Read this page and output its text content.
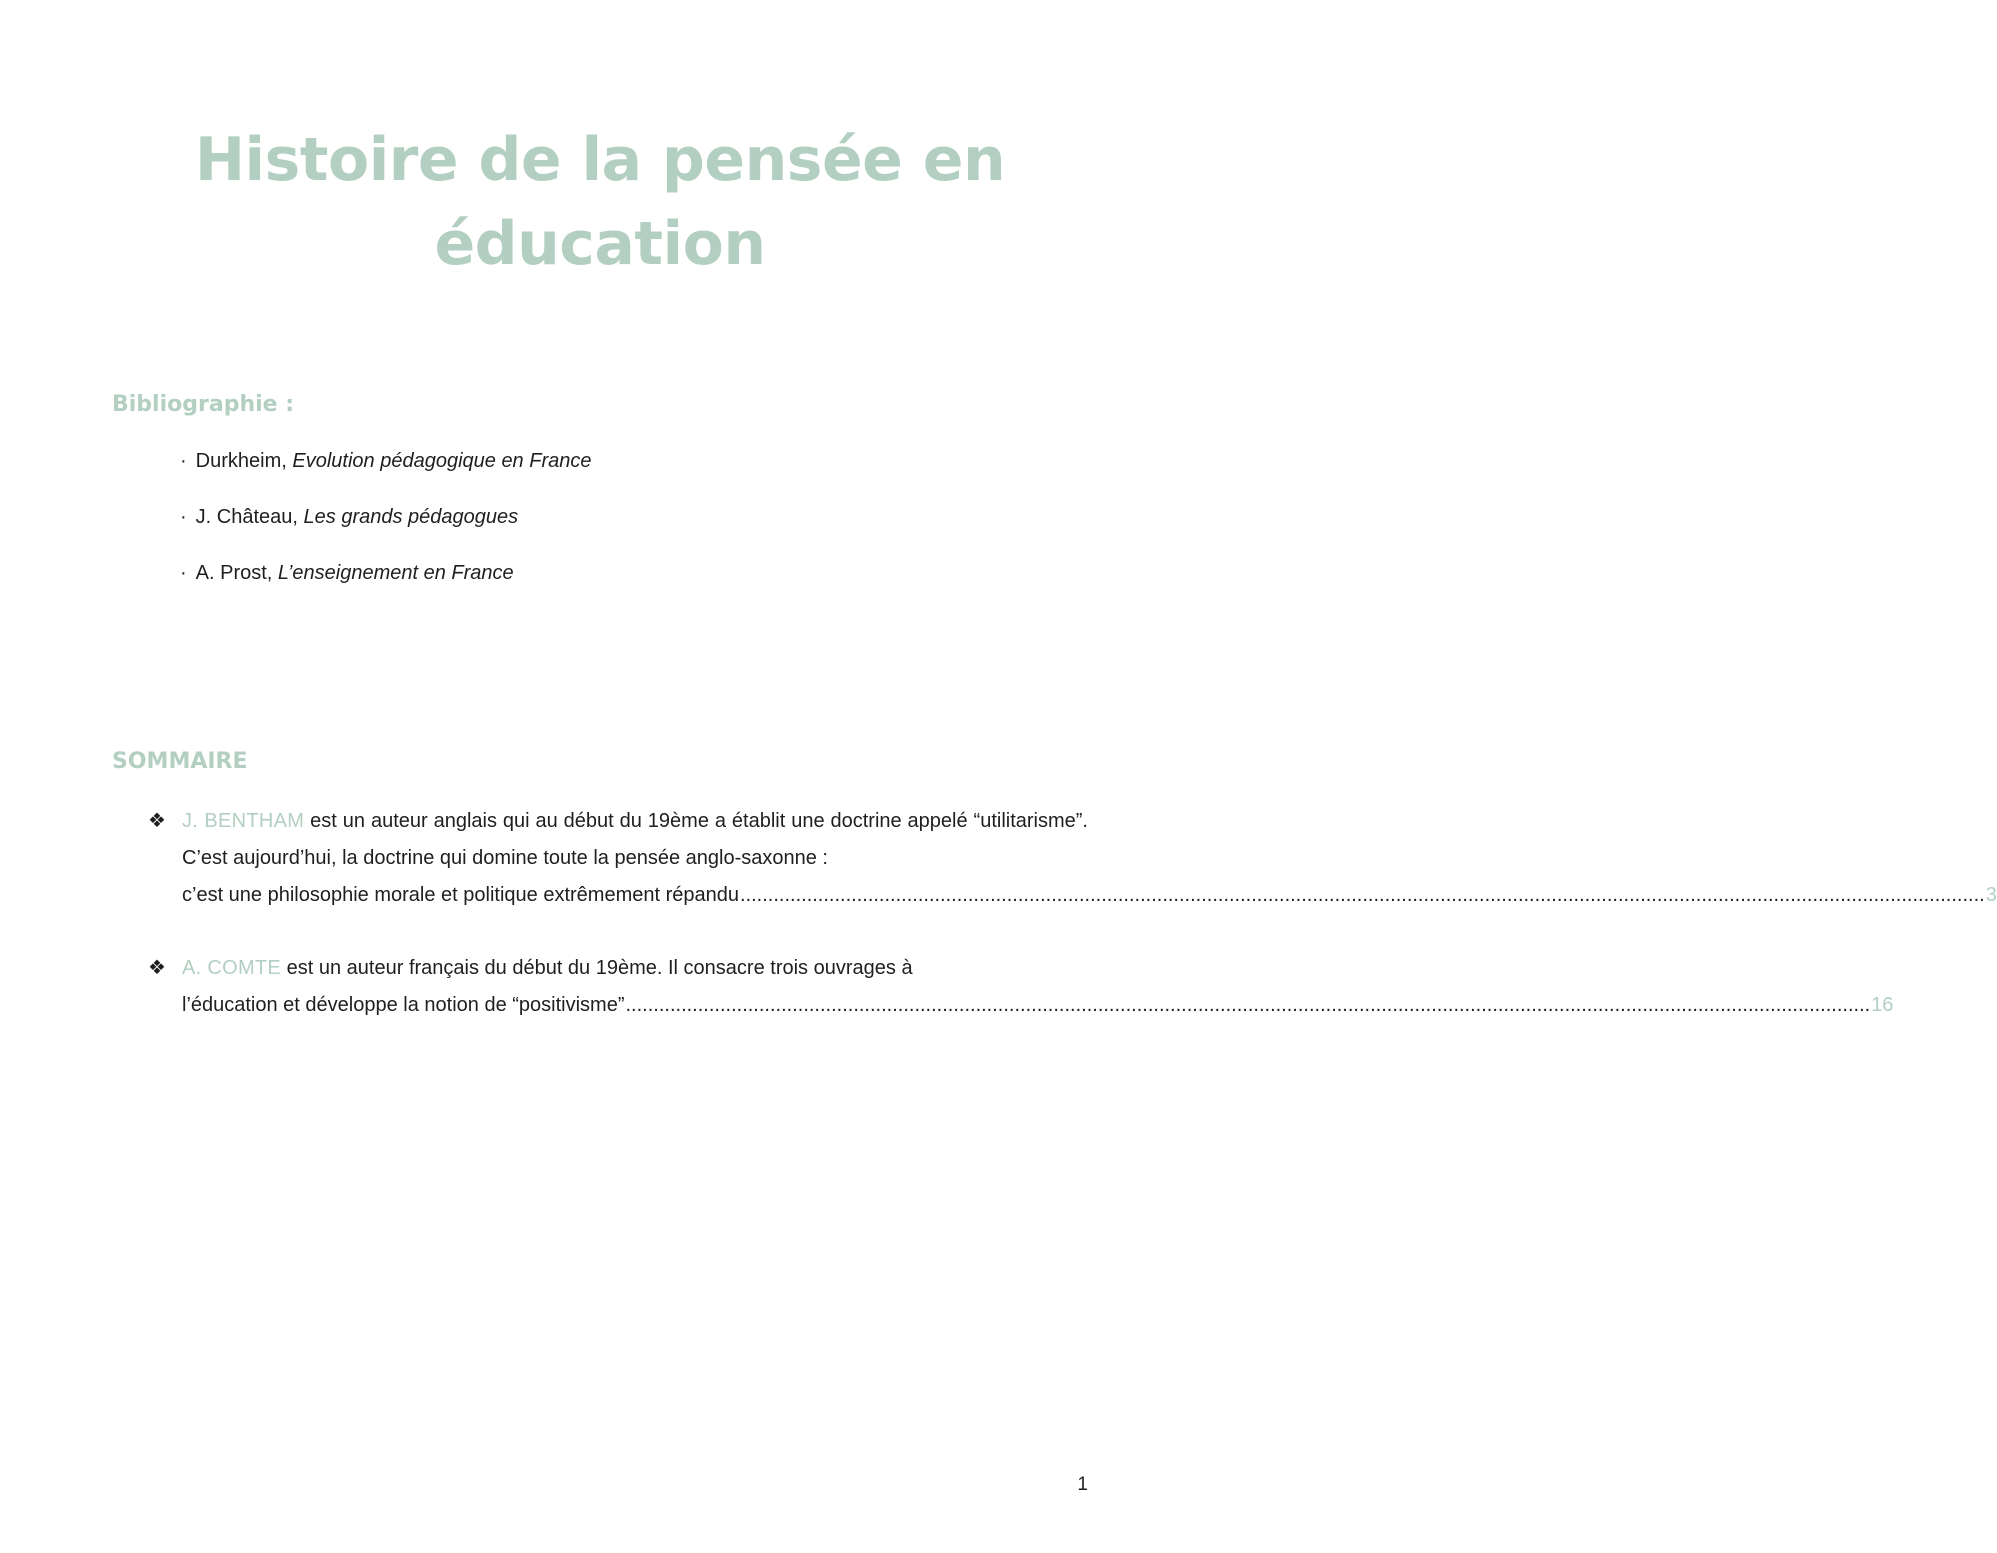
Histoire de la pensée en
éducation
Bibliographie :
· Durkheim, Evolution pédagogique en France
· J. Château, Les grands pédagogues
· A. Prost, L’enseignement en France
SOMMAIRE
❖ J. BENTHAM est un auteur anglais qui au début du 19ème a établit une doctrine appelé “utilitarisme”. C’est aujourd’hui, la doctrine qui domine toute la pensée anglo-saxonne :
c’est une philosophie morale et politique extrêmement répandu ................................................................................................................................................................................................................................ 3
❖ A. COMTE est un auteur français du début du 19ème. Il consacre trois ouvrages à
l’éducation et développe la notion de “positivisme” ................................................................................................................................................................................................................................ 16
1
